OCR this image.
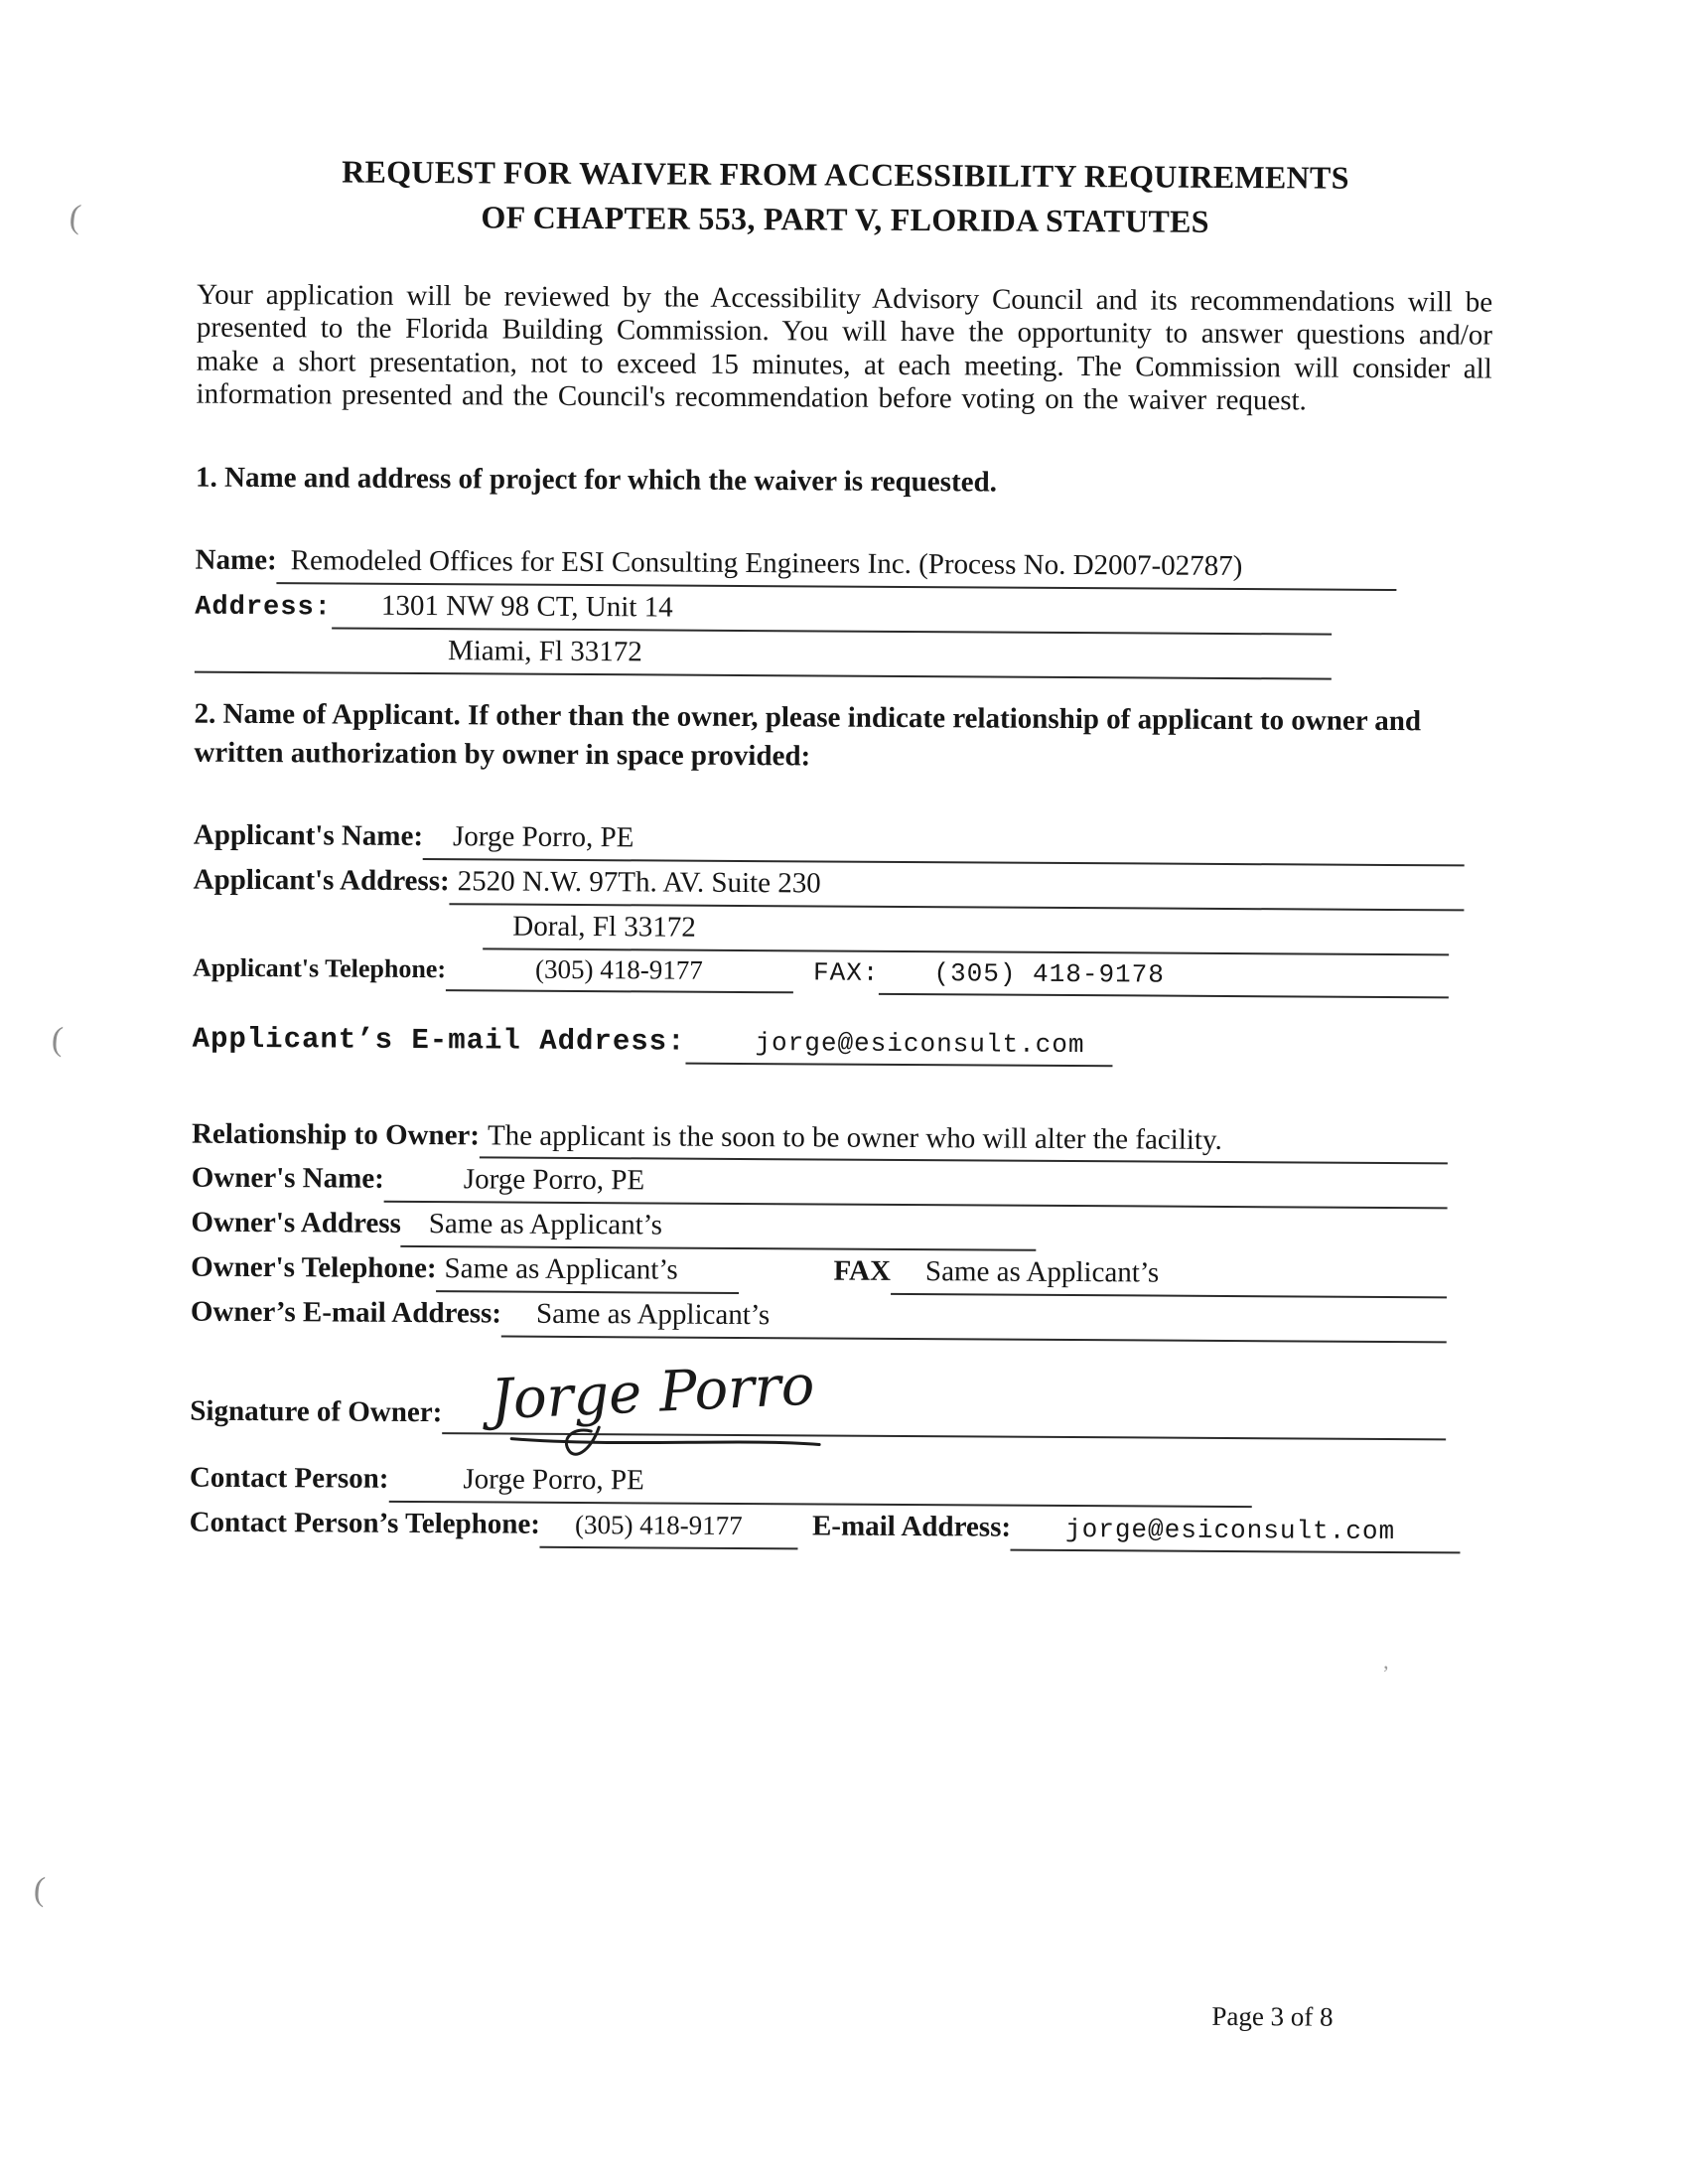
(
(
(
’
REQUEST FOR WAIVER FROM ACCESSIBILITY REQUIREMENTS
OF CHAPTER 553, PART V, FLORIDA STATUTES

Your application will be reviewed by the Accessibility Advisory Council and its recommendations will be presented to the Florida Building Commission. You will have the opportunity to answer questions and/or make a short presentation, not to exceed 15 minutes, at each meeting. The Commission will consider all information presented and the Council's recommendation before voting on the waiver request.

1. Name and address of project for which the waiver is requested.

Name: Remodeled Offices for ESI Consulting Engineers Inc. (Process No. D2007-02787)
Address:	1301 NW 98 CT, Unit 14
Miami, Fl 33172

2. Name of Applicant. If other than the owner, please indicate relationship of applicant to owner and written authorization by owner in space provided:

Applicant's Name:	Jorge Porro, PE
Applicant's Address: 2520 N.W. 97Th. AV. Suite 230
Doral, Fl 33172
Applicant's Telephone:	(305) 418-9177	FAX:	(305) 418-9178
Applicant’s E-mail Address:	jorge@esiconsult.com
Relationship to Owner: The applicant is the soon to be owner who will alter the facility.
Owner's Name:	Jorge Porro, PE
Owner's Address Same as Applicant’s
Owner's Telephone: Same as Applicant’s	FAX	Same as Applicant’s
Owner’s E-mail Address:	Same as Applicant’s
Signature of Owner: Jorge Porro
Contact Person:	Jorge Porro, PE
Contact Person’s Telephone:	(305) 418-9177	E-mail Address:	jorge@esiconsult.com
Page 3 of 8
